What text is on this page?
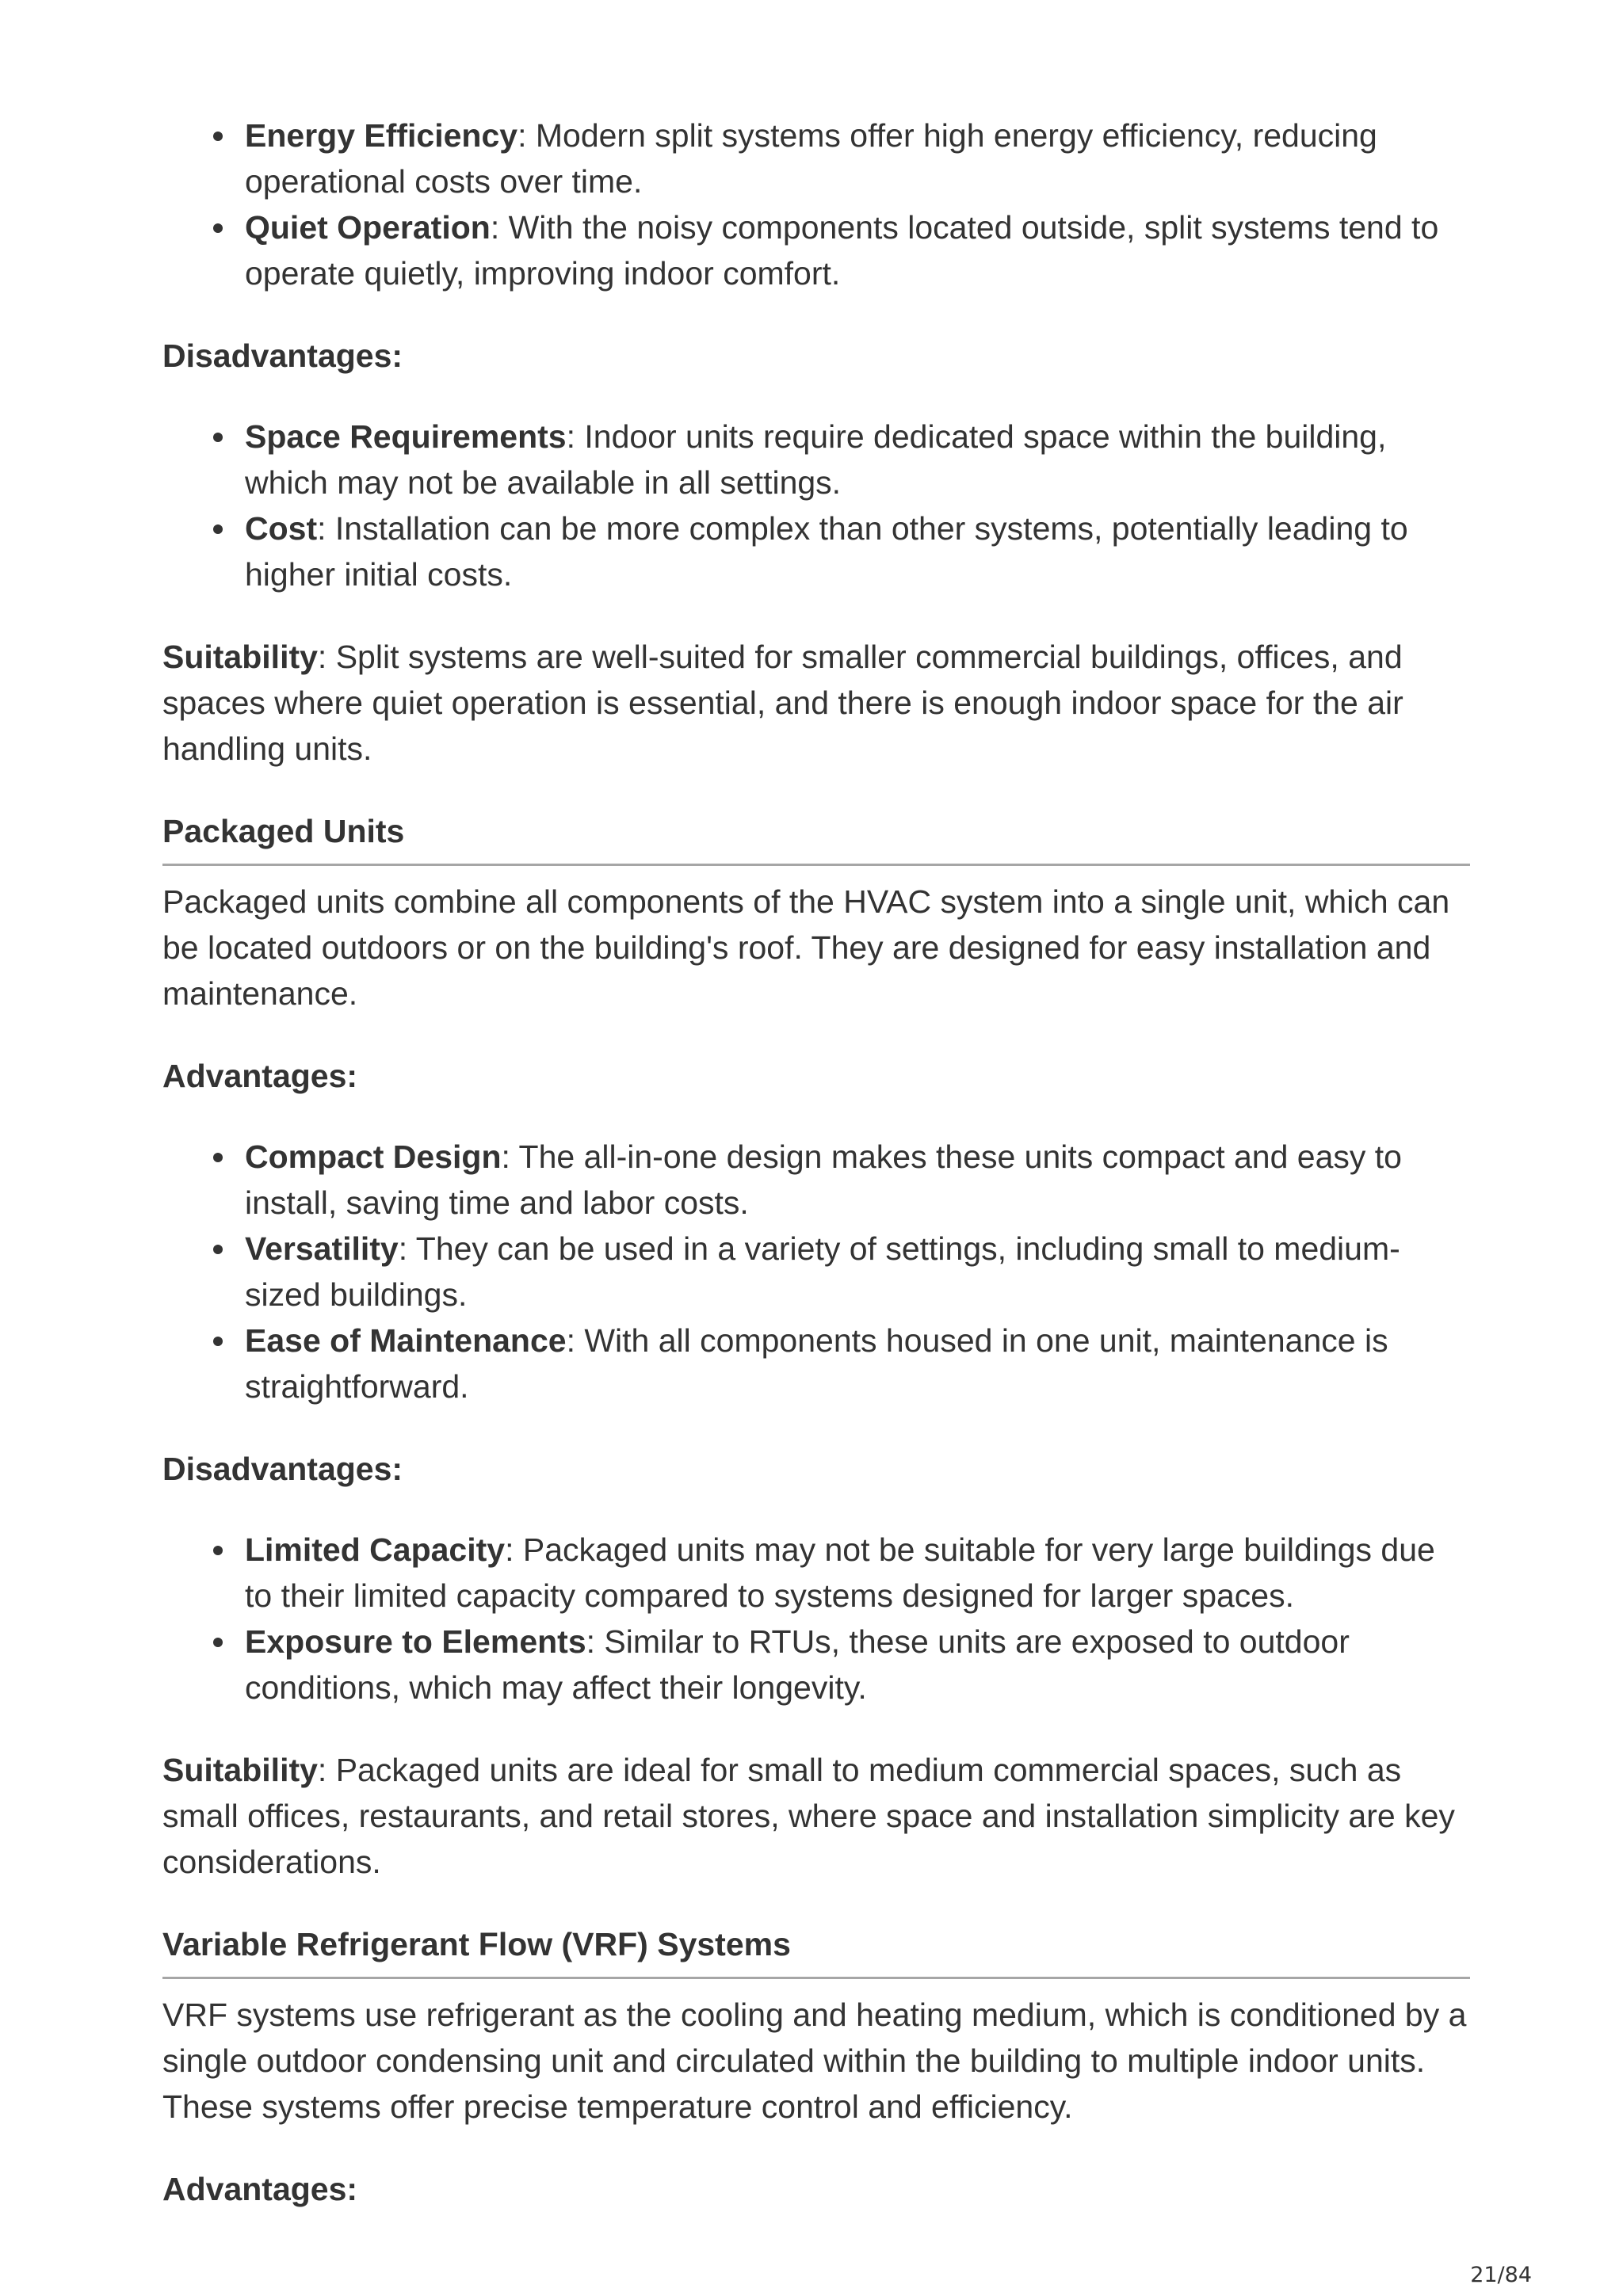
Energy Efficiency: Modern split systems offer high energy efficiency, reducing operational costs over time.
Quiet Operation: With the noisy components located outside, split systems tend to operate quietly, improving indoor comfort.

Disadvantages:

Space Requirements: Indoor units require dedicated space within the building, which may not be available in all settings.
Cost: Installation can be more complex than other systems, potentially leading to higher initial costs.

Suitability: Split systems are well-suited for smaller commercial buildings, offices, and spaces where quiet operation is essential, and there is enough indoor space for the air handling units.

Packaged Units

Packaged units combine all components of the HVAC system into a single unit, which can be located outdoors or on the building's roof. They are designed for easy installation and maintenance.

Advantages:

Compact Design: The all-in-one design makes these units compact and easy to install, saving time and labor costs.
Versatility: They can be used in a variety of settings, including small to medium-sized buildings.
Ease of Maintenance: With all components housed in one unit, maintenance is straightforward.

Disadvantages:

Limited Capacity: Packaged units may not be suitable for very large buildings due to their limited capacity compared to systems designed for larger spaces.
Exposure to Elements: Similar to RTUs, these units are exposed to outdoor conditions, which may affect their longevity.

Suitability: Packaged units are ideal for small to medium commercial spaces, such as small offices, restaurants, and retail stores, where space and installation simplicity are key considerations.

Variable Refrigerant Flow (VRF) Systems

VRF systems use refrigerant as the cooling and heating medium, which is conditioned by a single outdoor condensing unit and circulated within the building to multiple indoor units. These systems offer precise temperature control and efficiency.

Advantages:

21/84
